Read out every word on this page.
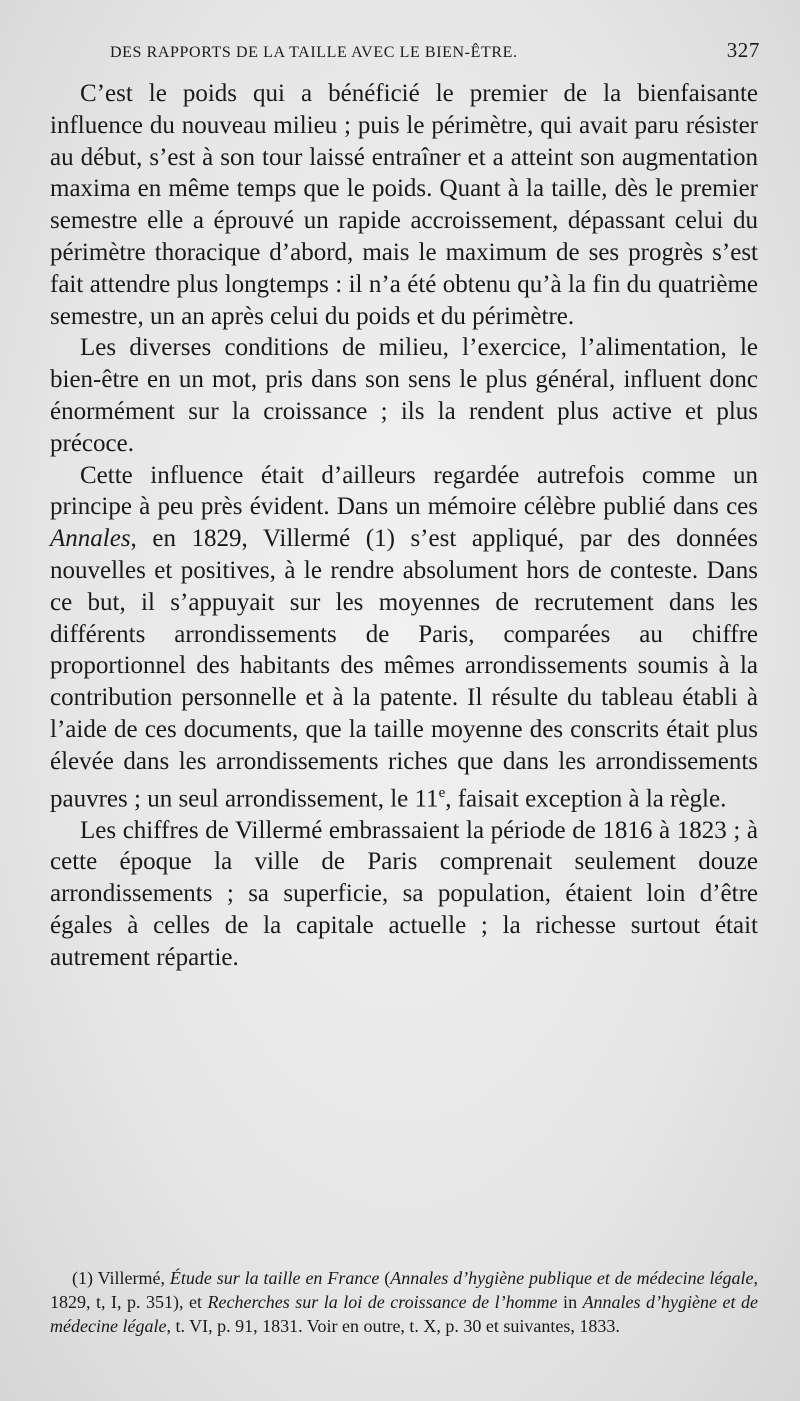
DES RAPPORTS DE LA TAILLE AVEC LE BIEN-ÊTRE.	327

C’est le poids qui a bénéficié le premier de la bienfaisante influence du nouveau milieu ; puis le périmètre, qui avait paru résister au début, s’est à son tour laissé entraîner et a atteint son augmentation maxima en même temps que le poids. Quant à la taille, dès le premier semestre elle a éprouvé un rapide accroissement, dépassant celui du périmètre thoracique d’abord, mais le maximum de ses progrès s’est fait attendre plus longtemps : il n’a été obtenu qu’à la fin du quatrième semestre, un an après celui du poids et du périmètre.

Les diverses conditions de milieu, l’exercice, l’alimentation, le bien-être en un mot, pris dans son sens le plus général, influent donc énormément sur la croissance ; ils la rendent plus active et plus précoce.

Cette influence était d’ailleurs regardée autrefois comme un principe à peu près évident. Dans un mémoire célèbre publié dans ces Annales, en 1829, Villermé (1) s’est appliqué, par des données nouvelles et positives, à le rendre absolument hors de conteste. Dans ce but, il s’appuyait sur les moyennes de recrutement dans les différents arrondissements de Paris, comparées au chiffre proportionnel des habitants des mêmes arrondissements soumis à la contribution personnelle et à la patente. Il résulte du tableau établi à l’aide de ces documents, que la taille moyenne des conscrits était plus élevée dans les arrondissements riches que dans les arrondissements pauvres ; un seul arrondissement, le 11e, faisait exception à la règle.

Les chiffres de Villermé embrassaient la période de 1816 à 1823 ; à cette époque la ville de Paris comprenait seulement douze arrondissements ; sa superficie, sa population, étaient loin d’être égales à celles de la capitale actuelle ; la richesse surtout était autrement répartie.

(1) Villermé, Étude sur la taille en France (Annales d’hygiène publique et de médecine légale, 1829, t, I, p. 351), et Recherches sur la loi de croissance de l’homme in Annales d’hygiène et de médecine légale, t. VI, p. 91, 1831. Voir en outre, t. X, p. 30 et suivantes, 1833.
